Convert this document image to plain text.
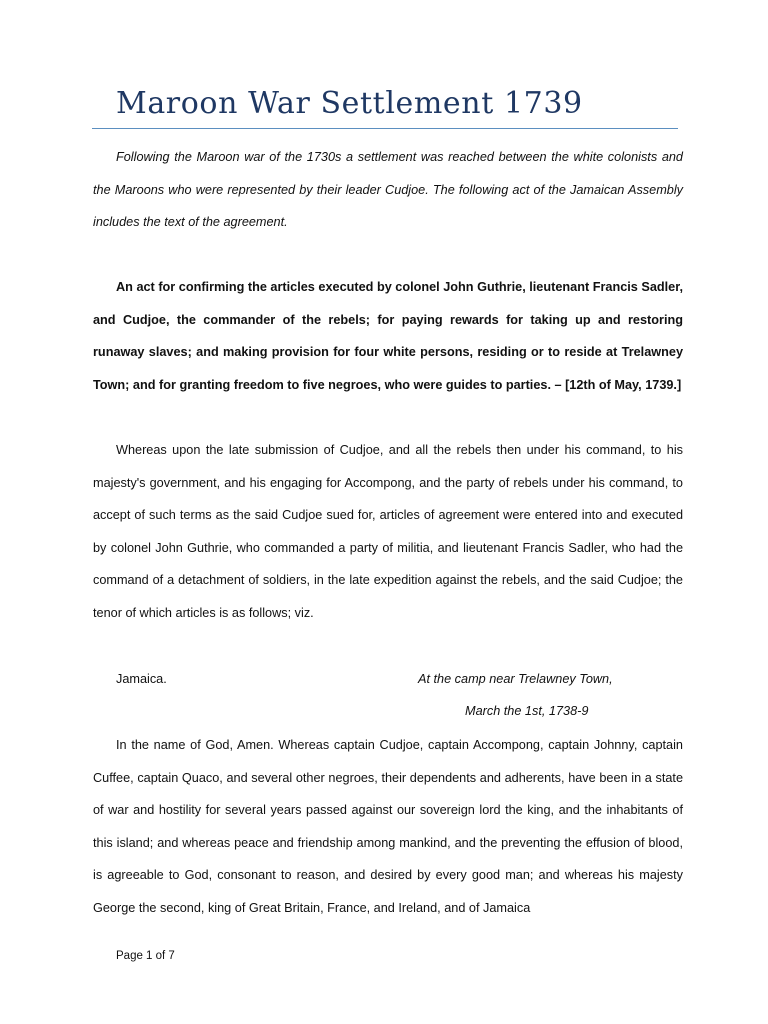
Maroon War Settlement 1739

Following the Maroon war of the 1730s a settlement was reached between the white colonists and the Maroons who were represented by their leader Cudjoe. The following act of the Jamaican Assembly includes the text of the agreement.

An act for confirming the articles executed by colonel John Guthrie, lieutenant Francis Sadler, and Cudjoe, the commander of the rebels; for paying rewards for taking up and restoring runaway slaves; and making provision for four white persons, residing or to reside at Trelawney Town; and for granting freedom to five negroes, who were guides to parties. – [12th of May, 1739.]

Whereas upon the late submission of Cudjoe, and all the rebels then under his command, to his majesty's government, and his engaging for Accompong, and the party of rebels under his command, to accept of such terms as the said Cudjoe sued for, articles of agreement were entered into and executed by colonel John Guthrie, who commanded a party of militia, and lieutenant Francis Sadler, who had the command of a detachment of soldiers, in the late expedition against the rebels, and the said Cudjoe; the tenor of which articles is as follows; viz.

Jamaica.	At the camp near Trelawney Town,
March the 1st, 1738-9

In the name of God, Amen. Whereas captain Cudjoe, captain Accompong, captain Johnny, captain Cuffee, captain Quaco, and several other negroes, their dependents and adherents, have been in a state of war and hostility for several years passed against our sovereign lord the king, and the inhabitants of this island; and whereas peace and friendship among mankind, and the preventing the effusion of blood, is agreeable to God, consonant to reason, and desired by every good man; and whereas his majesty George the second, king of Great Britain, France, and Ireland, and of Jamaica

Page 1 of 7
